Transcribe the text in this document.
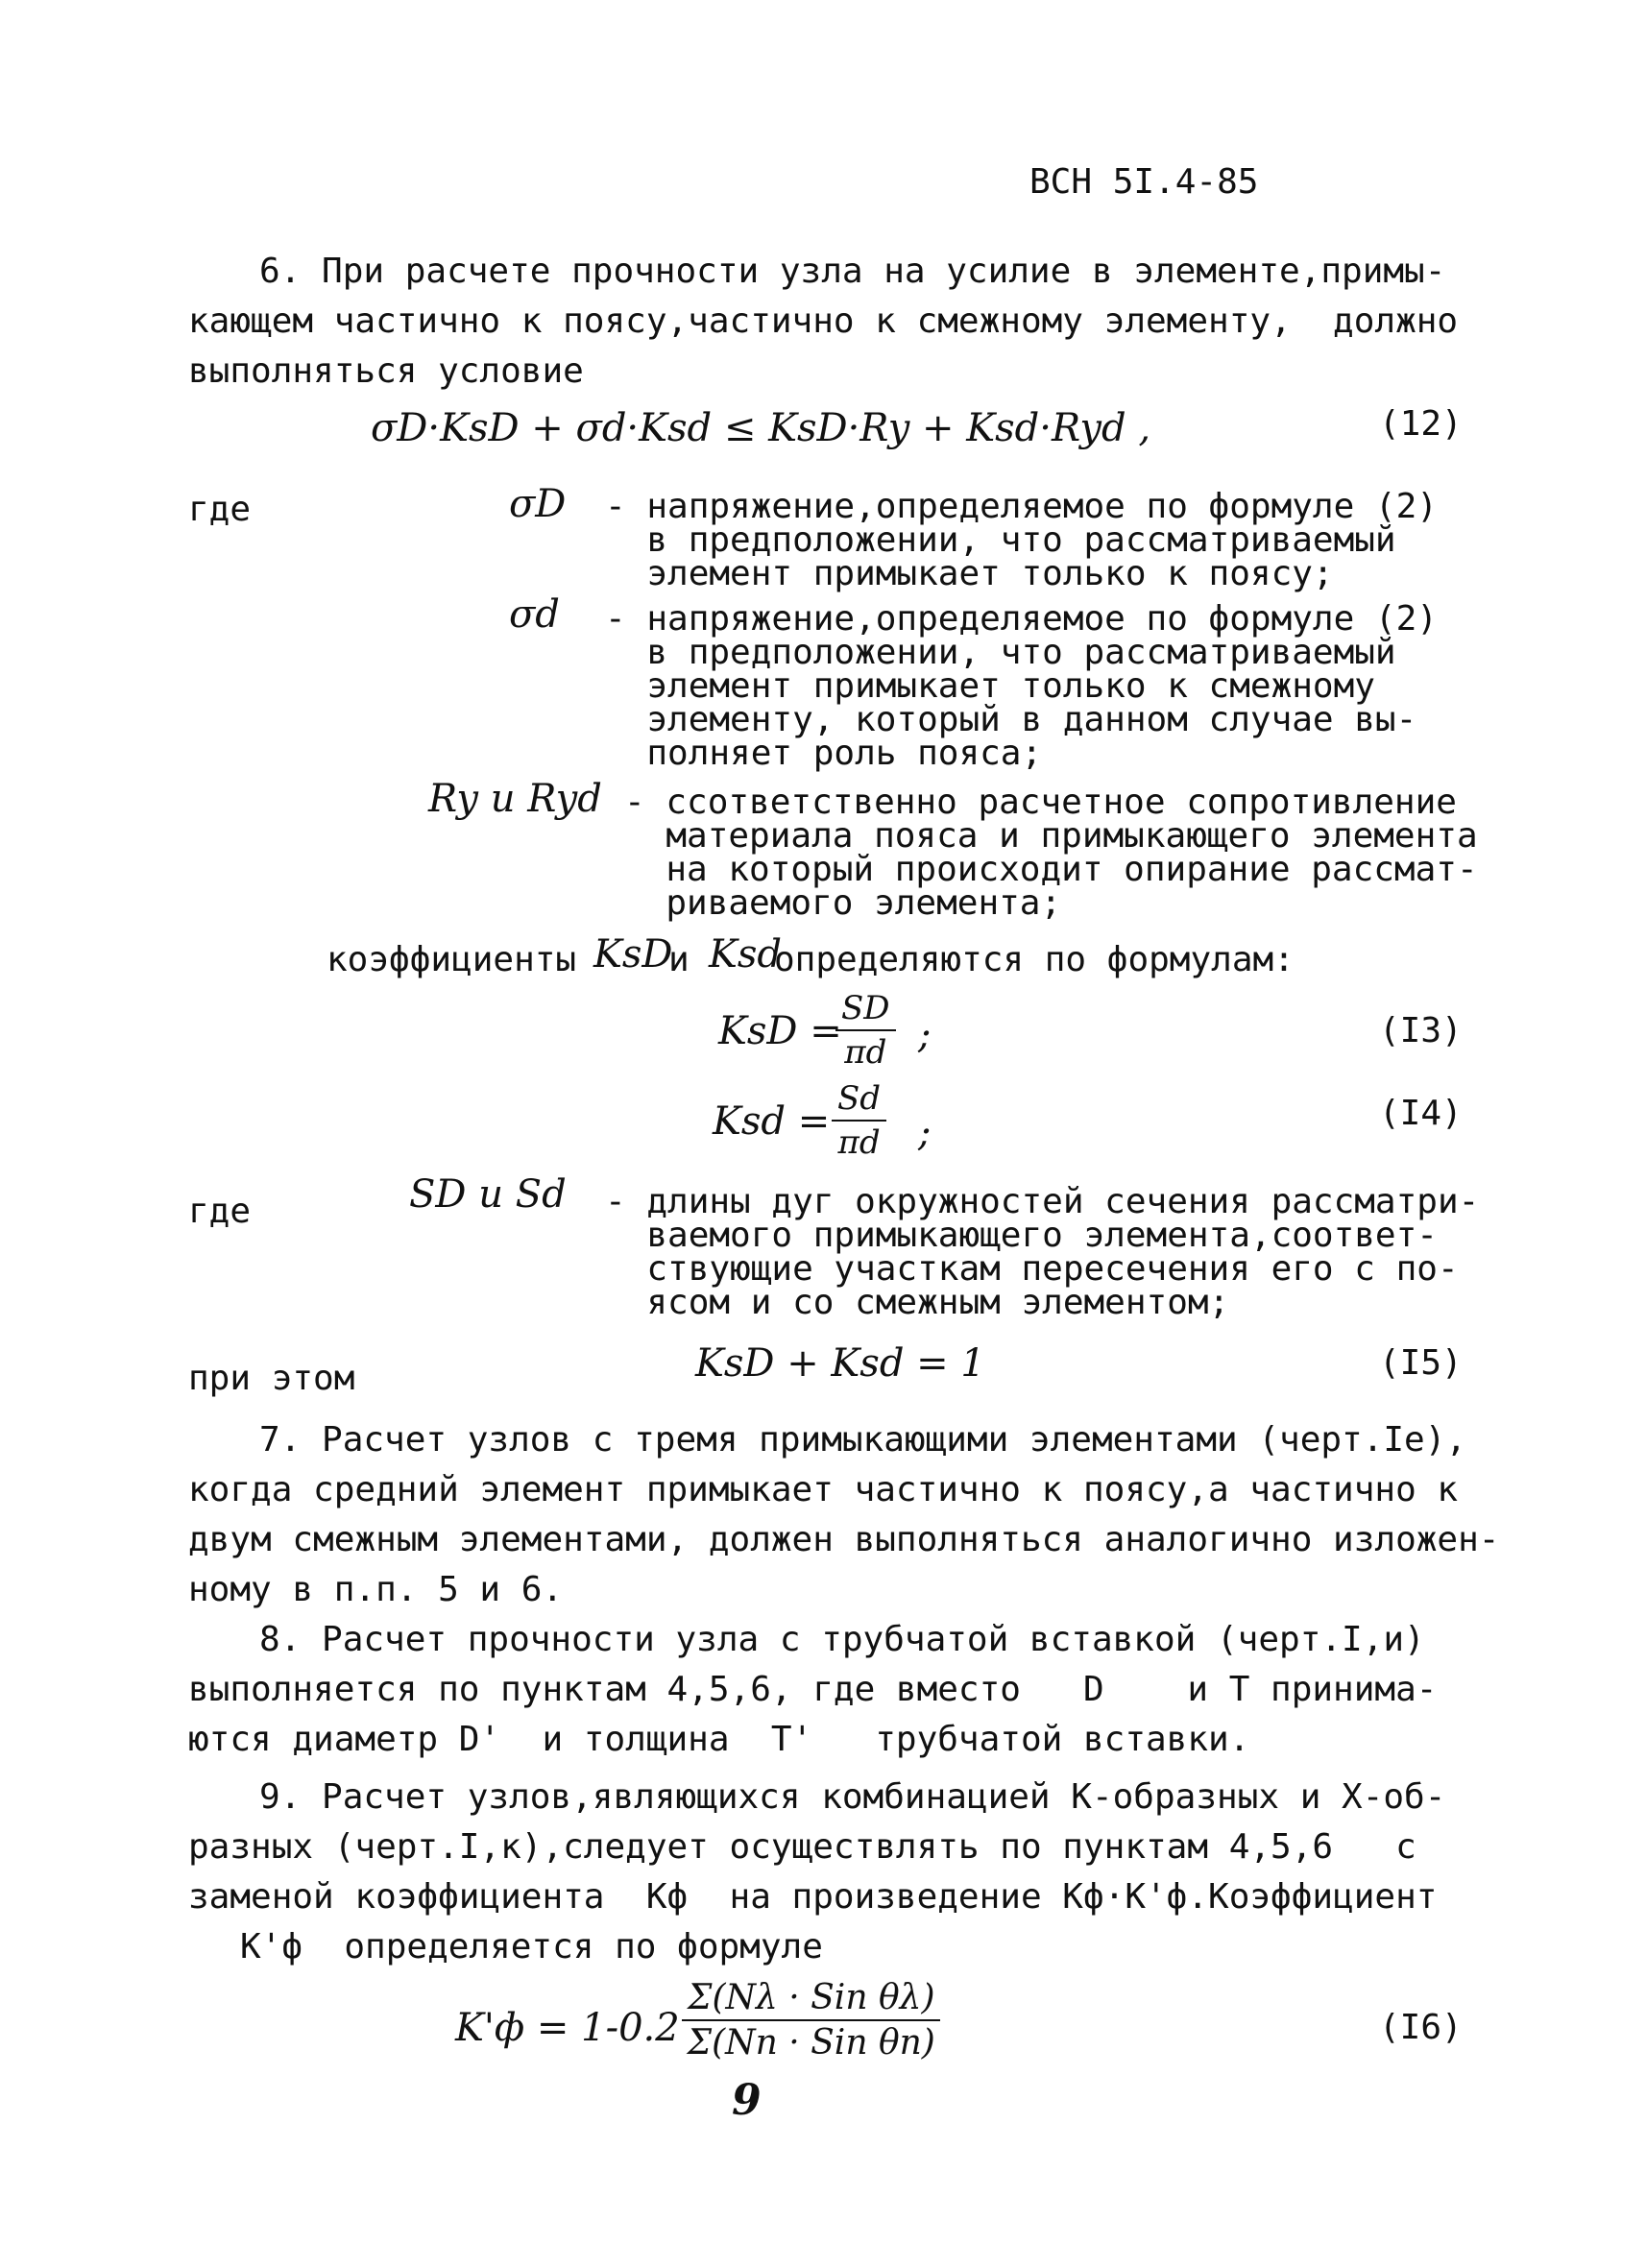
ВСН 5I.4-85
6. При расчете прочности узла на усилие в элементе,примы-
кающем частично к поясу,частично к смежному элементу,  должно
выполняться условие
σD·KsD + σd·Ksd ≤ KsD·Ry + Ksd·Ryd ,	(12)
где	σD - напряжение,определяемое по формуле (2)
в предположении, что рассматриваемый
элемент примыкает только к поясу;
σd - напряжение,определяемое по формуле (2)
в предположении, что рассматриваемый
элемент примыкает только к смежному
элементу, который в данном случае вы-
полняет роль пояса;
Ry и Ryd - ссответственно расчетное сопротивление
материала пояса и примыкающего элемента
на который происходит опирание рассмат-
риваемого элемента;
коэффициенты KsD
и Ksd
определяются по формулам:
KsD =
$\frac{SD}{\pi d}$ ;	(I3)
Ksd = $\frac{Sd}{\pi d}$ ;	(I4)
где	SD и Sd - длины дуг окружностей сечения рассматри-
ваемого примыкающего элемента,соответ-
ствующие участкам пересечения его с по-
ясом и со смежным элементом;
при этом	KsD + Ksd = 1	(I5)
7. Расчет узлов с тремя примыкающими элементами (черт.Iе),
когда средний элемент примыкает частично к поясу,а частично к
двум смежным элементами, должен выполняться аналогично изложен-
ному в п.п. 5 и 6.
8. Расчет прочности узла с трубчатой вставкой (черт.I,и)
выполняется по пунктам 4,5,6, где вместо   D    и T принима-
ются диаметр D'  и толщина  T'   трубчатой вставки.
9. Расчет узлов,являющихся комбинацией К-образных и Х-об-
разных (черт.I,к),следует осуществлять по пунктам 4,5,6   с
заменой коэффициента  Kф  на произведение Kф·K'ф.Коэффициент
K'ф  определяется по формуле
K'ф = 1-0.2
Σ(Nλ · Sin θλ)
Σ(Nn · Sin θn)	(I6)
9
